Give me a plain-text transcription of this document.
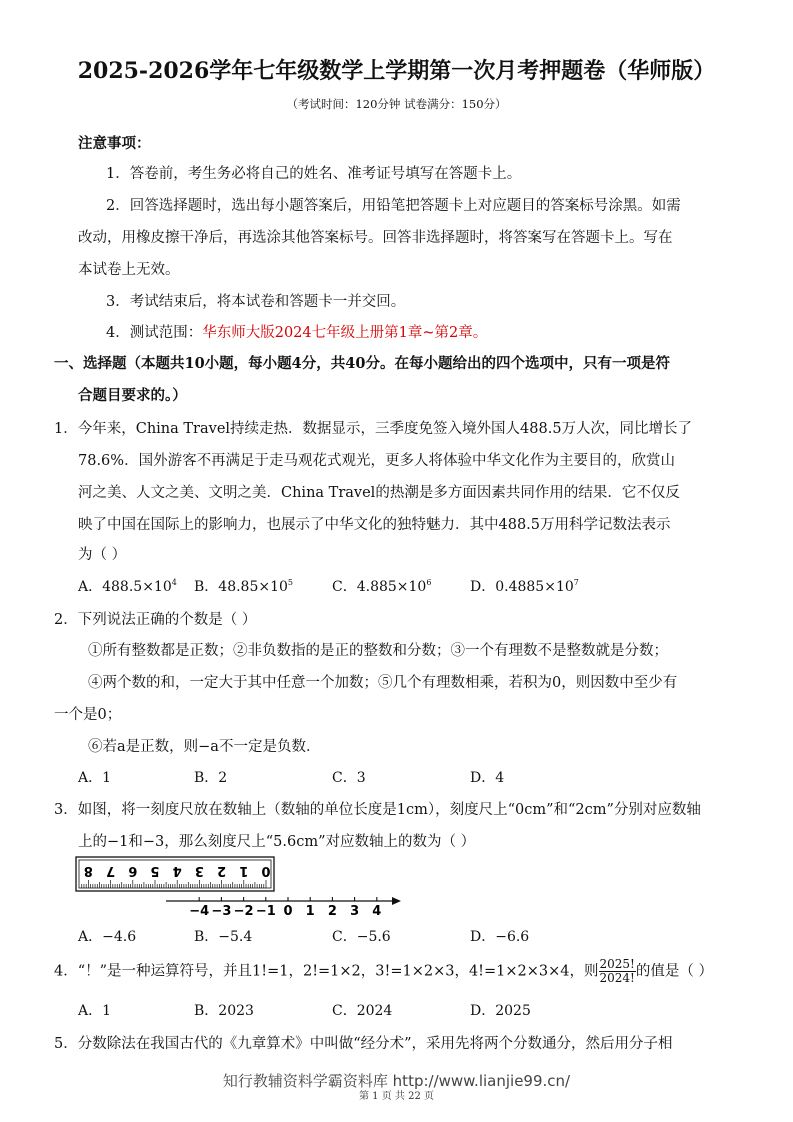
2025-2026学年七年级数学上学期第一次月考押题卷（华师版）
（考试时间：120分钟 试卷满分：150分）
注意事项：
1．答卷前，考生务必将自己的姓名、准考证号填写在答题卡上。
2．回答选择题时，选出每小题答案后，用铅笔把答题卡上对应题目的答案标号涂黑。如需
改动，用橡皮擦干净后，再选涂其他答案标号。回答非选择题时，将答案写在答题卡上。写在
本试卷上无效。
3．考试结束后，将本试卷和答题卡一并交回。
4．测试范围：华东师大版2024七年级上册第1章~第2章。
一、选择题（本题共10小题，每小题4分，共40分。在每小题给出的四个选项中，只有一项是符
合题目要求的。）
1．今年来，China Travel持续走热．数据显示，三季度免签入境外国人488.5万人次，同比增长了
78.6%．国外游客不再满足于走马观花式观光，更多人将体验中华文化作为主要目的，欣赏山
河之美、人文之美、文明之美．China Travel的热潮是多方面因素共同作用的结果．它不仅反
映了中国在国际上的影响力，也展示了中华文化的独特魅力．其中488.5万用科学记数法表示
为（ ）
A．$488.5\times 10^4$ B．$48.85\times 10^5$	C．$4.885\times 10^6$	D．$0.4885\times 10^7$
2．下列说法正确的个数是（ ）
①所有整数都是正数；②非负数指的是正的整数和分数；③一个有理数不是整数就是分数；
④两个数的和，一定大于其中任意一个加数；⑤几个有理数相乘，若积为0，则因数中至少有
一个是0；
⑥若a是正数，则−a不一定是负数．
A．1	B．2	C．3	D．4
3．如图，将一刻度尺放在数轴上（数轴的单位长度是1cm），刻度尺上“0cm”和“2cm”分别对应数轴
上的−1和−3，那么刻度尺上“5.6cm”对应数轴上的数为（ ）
8 7 6 5 4 3 2 1 0
−4 −3 −2 −1 0 1 2 3 4
A．−4.6	B．−5.4	C．−5.6	D．−6.6
4．“！”是一种运算符号，并且1!=1，2!=1×2，3!=1×2×3，4!=1×2×3×4，则 $\frac{2025!}{2024!}$ 的值是（ ）
A．1	B．2023	C．2024	D．2025
5．分数除法在我国古代的《九章算术》中叫做“经分术”，采用先将两个分数通分，然后用分子相
知行教辅资料学霸资料库 http://www.lianjie99.cn/
第 1 页 共 22 页
